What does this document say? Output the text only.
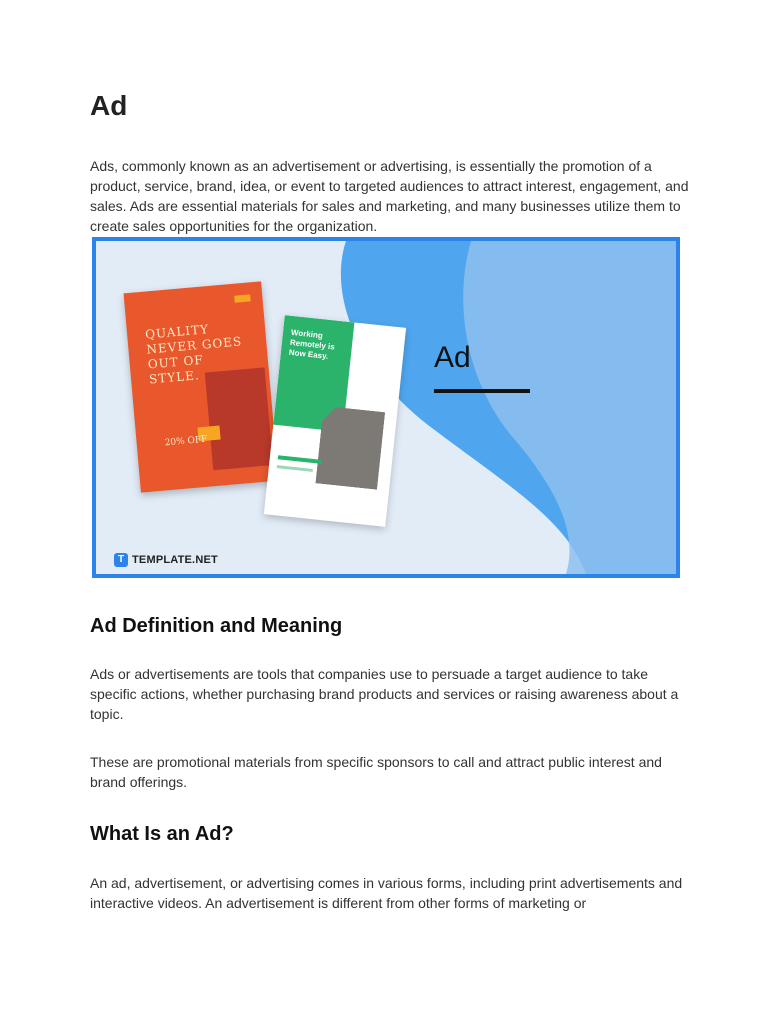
Ad

Ads, commonly known as an advertisement or advertising, is essentially the promotion of a product, service, brand, idea, or event to targeted audiences to attract interest, engagement, and sales. Ads are essential materials for sales and marketing, and many businesses utilize them to create sales opportunities for the organization.

QUALITY NEVER GOES OUT OF STYLE.
20% OFF
Working Remotely is Now Easy.	Ad
T TEMPLATE.NET
Ad Definition and Meaning

Ads or advertisements are tools that companies use to persuade a target audience to take specific actions, whether purchasing brand products and services or raising awareness about a topic.

These are promotional materials from specific sponsors to call and attract public interest and brand offerings.

What Is an Ad?

An ad, advertisement, or advertising comes in various forms, including print advertisements and interactive videos. An advertisement is different from other forms of marketing or
